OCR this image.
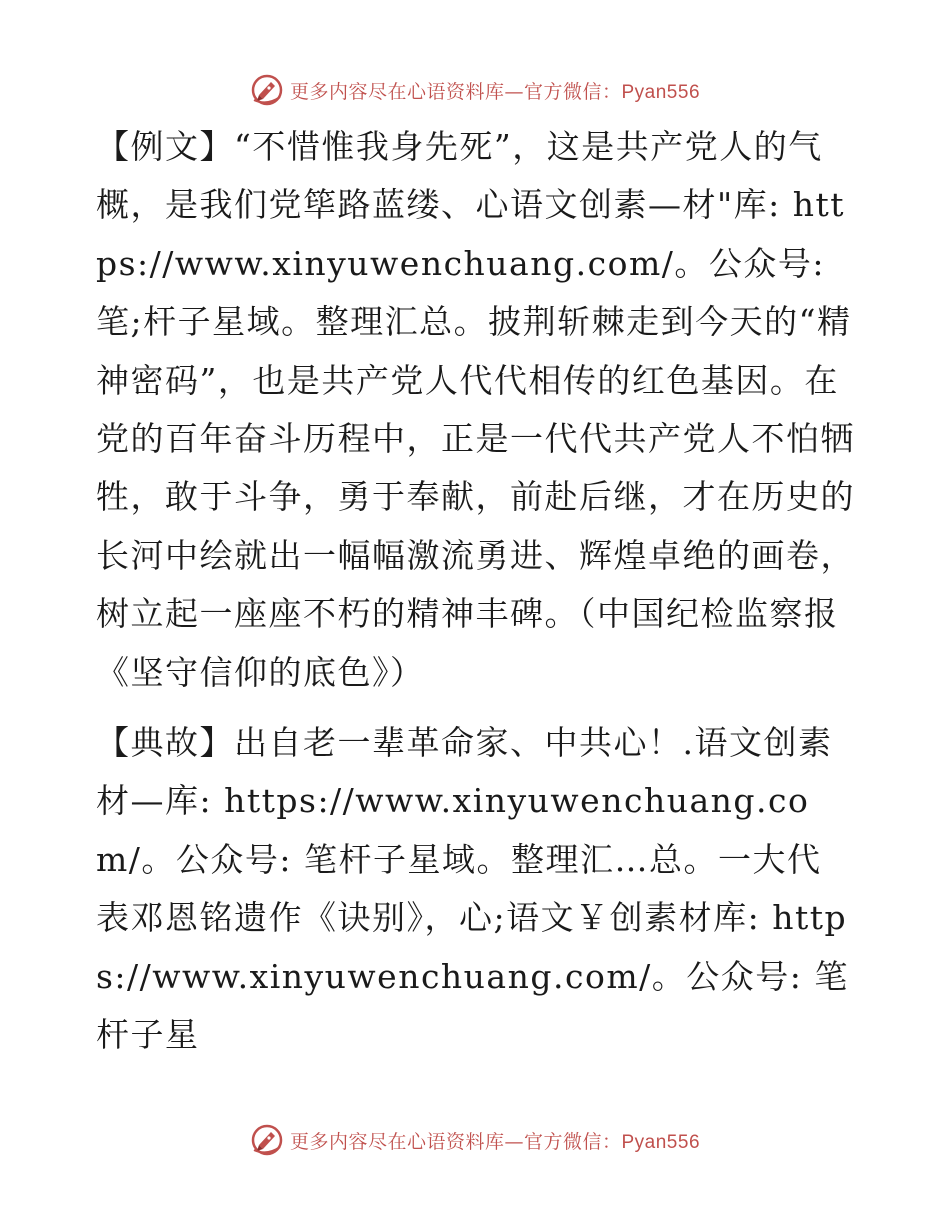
更多内容尽在心语资料库—官方微信：Pyan556

【例文】“不惜惟我身先死”，这是共产党人的气概，是我们党筚路蓝缕、心语文创素—材"库: https://www.xinyuwenchuang.com/。公众号: 笔;杆子星域。整理汇总。披荆斩棘走到今天的“精神密码”，也是共产党人代代相传的红色基因。在党的百年奋斗历程中，正是一代代共产党人不怕牺牲，敢于斗争，勇于奉献，前赴后继，才在历史的长河中绘就出一幅幅激流勇进、辉煌卓绝的画卷，树立起一座座不朽的精神丰碑。（中国纪检监察报《坚守信仰的底色》）

【典故】出自老一辈革命家、中共心！.语文创素材—库: https://www.xinyuwenchuang.com/。公众号: 笔杆子星域。整理汇…总。一大代表邓恩铭遗作《诀别》，心;语文￥创素材库: https://www.xinyuwenchuang.com/。公众号: 笔杆子星

更多内容尽在心语资料库—官方微信：Pyan556
